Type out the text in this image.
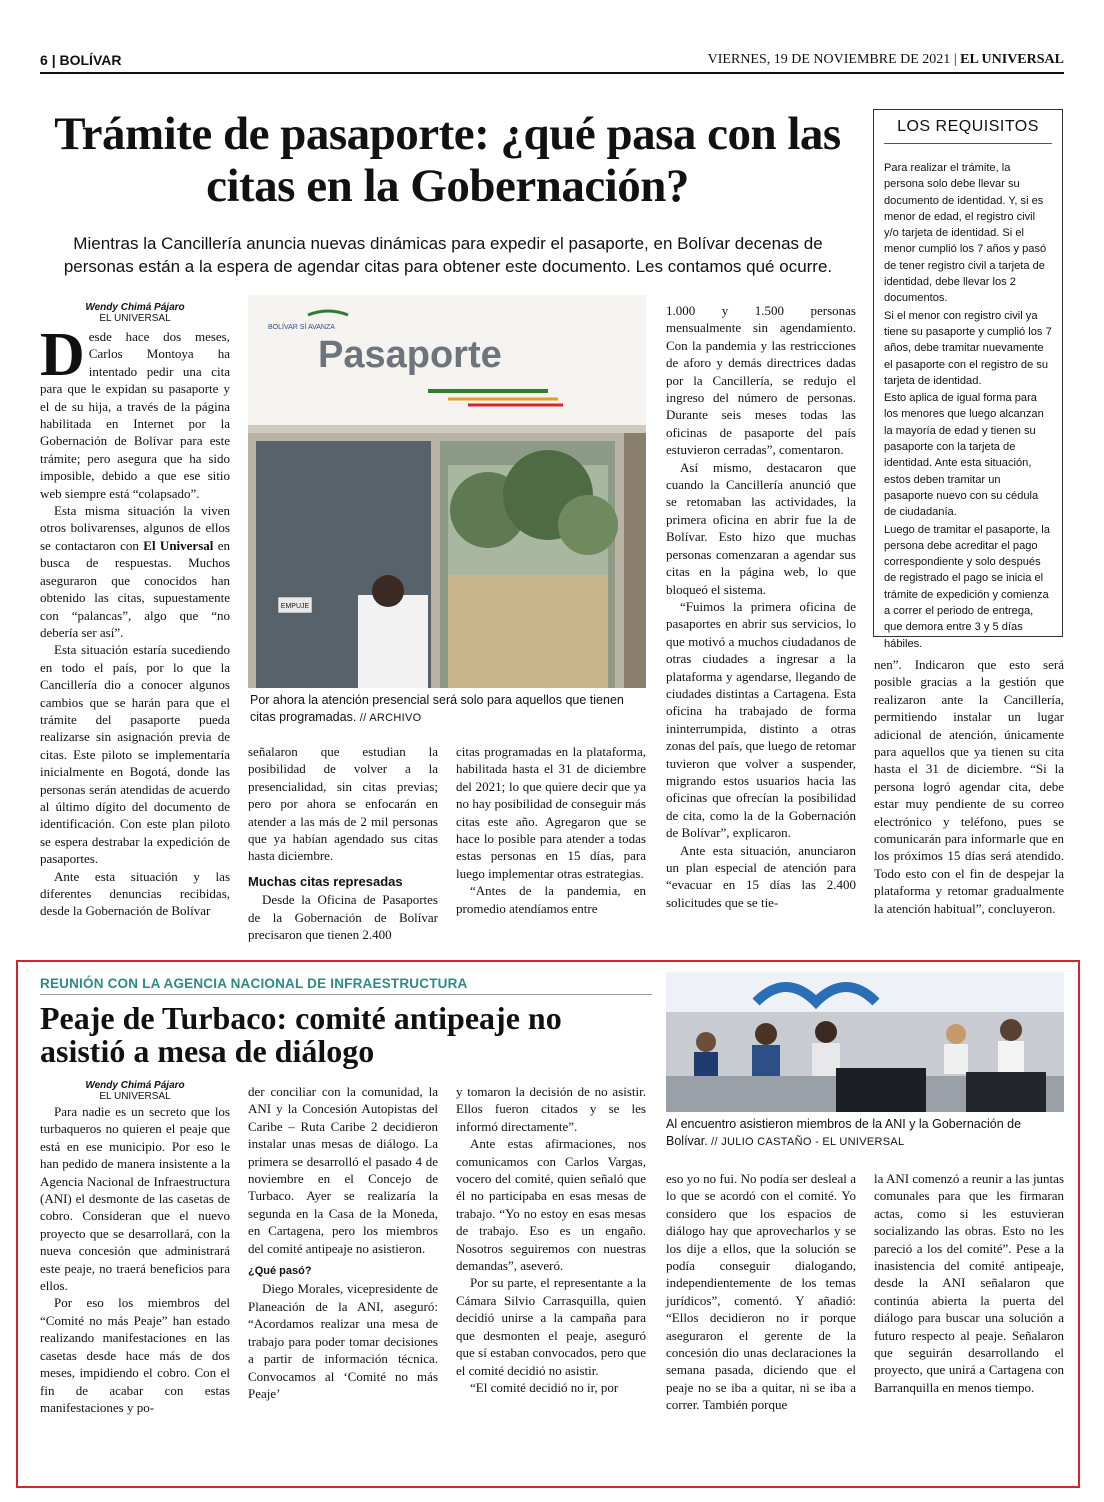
6 | BOLÍVAR	VIERNES, 19 DE NOVIEMBRE DE 2021 | EL UNIVERSAL
Trámite de pasaporte: ¿qué pasa con las citas en la Gobernación?

Mientras la Cancillería anuncia nuevas dinámicas para expedir el pasaporte, en Bolívar decenas de personas están a la espera de agendar citas para obtener este documento. Les contamos qué ocurre.

LOS REQUISITOS

Para realizar el trámite, la persona solo debe llevar su documento de identidad. Y, si es menor de edad, el registro civil y/o tarjeta de identidad. Si el menor cumplió los 7 años y pasó de tener registro civil a tarjeta de identidad, debe llevar los 2 documentos.

Si el menor con registro civil ya tiene su pasaporte y cumplió los 7 años, debe tramitar nuevamente el pasaporte con el registro de su tarjeta de identidad.

Esto aplica de igual forma para los menores que luego alcanzan la mayoría de edad y tienen su pasaporte con la tarjeta de identidad. Ante esta situación, estos deben tramitar un pasaporte nuevo con su cédula de ciudadanía.

Luego de tramitar el pasaporte, la persona debe acreditar el pago correspondiente y solo después de registrado el pago se inicia el trámite de expedición y comienza a correr el periodo de entrega, que demora entre 3 y 5 días hábiles.

Wendy Chimá Pájaro
EL UNIVERSAL

Desde hace dos meses, Carlos Montoya ha intentado pedir una cita para que le expidan su pasaporte y el de su hija, a través de la página habilitada en Internet por la Gobernación de Bolívar para este trámite; pero asegura que ha sido imposible, debido a que ese sitio web siempre está “colapsado”.

Esta misma situación la viven otros bolivarenses, algunos de ellos se contactaron con El Universal en busca de respuestas. Muchos aseguraron que conocidos han obtenido las citas, supuestamente con “palancas”, algo que “no debería ser así”.

Esta situación estaría sucediendo en todo el país, por lo que la Cancillería dio a conocer algunos cambios que se harán para que el trámite del pasaporte pueda realizarse sin asignación previa de citas. Este piloto se implementaría inicialmente en Bogotá, donde las personas serán atendidas de acuerdo al último dígito del documento de identificación. Con este plan piloto se espera destrabar la expedición de pasaportes.

Ante esta situación y las diferentes denuncias recibidas, desde la Gobernación de Bolívar

EMPUJE
BOLÍVAR SÍ AVANZA
Pasaporte
Por ahora la atención presencial será solo para aquellos que tienen citas programadas. // ARCHIVO

señalaron que estudian la posibilidad de volver a la presencialidad, sin citas previas; pero por ahora se enfocarán en atender a las más de 2 mil personas que ya habían agendado sus citas hasta diciembre.

Muchas citas represadas

Desde la Oficina de Pasaportes de la Gobernación de Bolívar precisaron que tienen 2.400

citas programadas en la plataforma, habilitada hasta el 31 de diciembre del 2021; lo que quiere decir que ya no hay posibilidad de conseguir más citas este año. Agregaron que se hace lo posible para atender a todas estas personas en 15 días, para luego implementar otras estrategias.

“Antes de la pandemia, en promedio atendíamos entre

1.000 y 1.500 personas mensualmente sin agendamiento. Con la pandemia y las restricciones de aforo y demás directrices dadas por la Cancillería, se redujo el ingreso del número de personas. Durante seis meses todas las oficinas de pasaporte del país estuvieron cerradas”, comentaron.

Así mismo, destacaron que cuando la Cancillería anunció que se retomaban las actividades, la primera oficina en abrir fue la de Bolívar. Esto hizo que muchas personas comenzaran a agendar sus citas en la página web, lo que bloqueó el sistema.

“Fuimos la primera oficina de pasaportes en abrir sus servicios, lo que motivó a muchos ciudadanos de otras ciudades a ingresar a la plataforma y agendarse, llegando de ciudades distintas a Cartagena. Esta oficina ha trabajado de forma ininterrumpida, distinto a otras zonas del país, que luego de retomar tuvieron que volver a suspender, migrando estos usuarios hacia las oficinas que ofrecían la posibilidad de cita, como la de la Gobernación de Bolívar”, explicaron.

Ante esta situación, anunciaron un plan especial de atención para “evacuar en 15 días las 2.400 solicitudes que se tie-

nen”. Indicaron que esto será posible gracias a la gestión que realizaron ante la Cancillería, permitiendo instalar un lugar adicional de atención, únicamente para aquellos que ya tienen su cita hasta el 31 de diciembre. “Si la persona logró agendar cita, debe estar muy pendiente de su correo electrónico y teléfono, pues se comunicarán para informarle que en los próximos 15 días será atendido. Todo esto con el fin de despejar la plataforma y retomar gradualmente la atención habitual”, concluyeron.

REUNIÓN CON LA AGENCIA NACIONAL DE INFRAESTRUCTURA
Peaje de Turbaco: comité antipeaje no asistió a mesa de diálogo
Wendy Chimá Pájaro
EL UNIVERSAL

Para nadie es un secreto que los turbaqueros no quieren el peaje que está en ese municipio. Por eso le han pedido de manera insistente a la Agencia Nacional de Infraestructura (ANI) el desmonte de las casetas de cobro. Consideran que el nuevo proyecto que se desarrollará, con la nueva concesión que administrará este peaje, no traerá beneficios para ellos.

Por eso los miembros del “Comité no más Peaje” han estado realizando manifestaciones en las casetas desde hace más de dos meses, impidiendo el cobro. Con el fin de acabar con estas manifestaciones y po-

der conciliar con la comunidad, la ANI y la Concesión Autopistas del Caribe – Ruta Caribe 2 decidieron instalar unas mesas de diálogo. La primera se desarrolló el pasado 4 de noviembre en el Concejo de Turbaco. Ayer se realizaría la segunda en la Casa de la Moneda, en Cartagena, pero los miembros del comité antipeaje no asistieron.

¿Qué pasó?

Diego Morales, vicepresidente de Planeación de la ANI, aseguró: “Acordamos realizar una mesa de trabajo para poder tomar decisiones a partir de información técnica. Convocamos al ‘Comité no más Peaje’

y tomaron la decisión de no asistir. Ellos fueron citados y se les informó directamente”.

Ante estas afirmaciones, nos comunicamos con Carlos Vargas, vocero del comité, quien señaló que él no participaba en esas mesas de trabajo. “Yo no estoy en esas mesas de trabajo. Eso es un engaño. Nosotros seguiremos con nuestras demandas”, aseveró.

Por su parte, el representante a la Cámara Silvio Carrasquilla, quien decidió unirse a la campaña para que desmonten el peaje, aseguró que sí estaban convocados, pero que el comité decidió no asistir.

“El comité decidió no ir, por

Al encuentro asistieron miembros de la ANI y la Gobernación de Bolívar. // JULIO CASTAÑO - EL UNIVERSAL

eso yo no fui. No podía ser desleal a lo que se acordó con el comité. Yo considero que los espacios de diálogo hay que aprovecharlos y se los dije a ellos, que la solución se podía conseguir dialogando, independientemente de los temas jurídicos”, comentó. Y añadió: “Ellos decidieron no ir porque aseguraron el gerente de la concesión dio unas declaraciones la semana pasada, diciendo que el peaje no se iba a quitar, ni se iba a correr. También porque

la ANI comenzó a reunir a las juntas comunales para que les firmaran actas, como si les estuvieran socializando las obras. Esto no les pareció a los del comité”. Pese a la inasistencia del comité antipeaje, desde la ANI señalaron que continúa abierta la puerta del diálogo para buscar una solución a futuro respecto al peaje. Señalaron que seguirán desarrollando el proyecto, que unirá a Cartagena con Barranquilla en menos tiempo.
